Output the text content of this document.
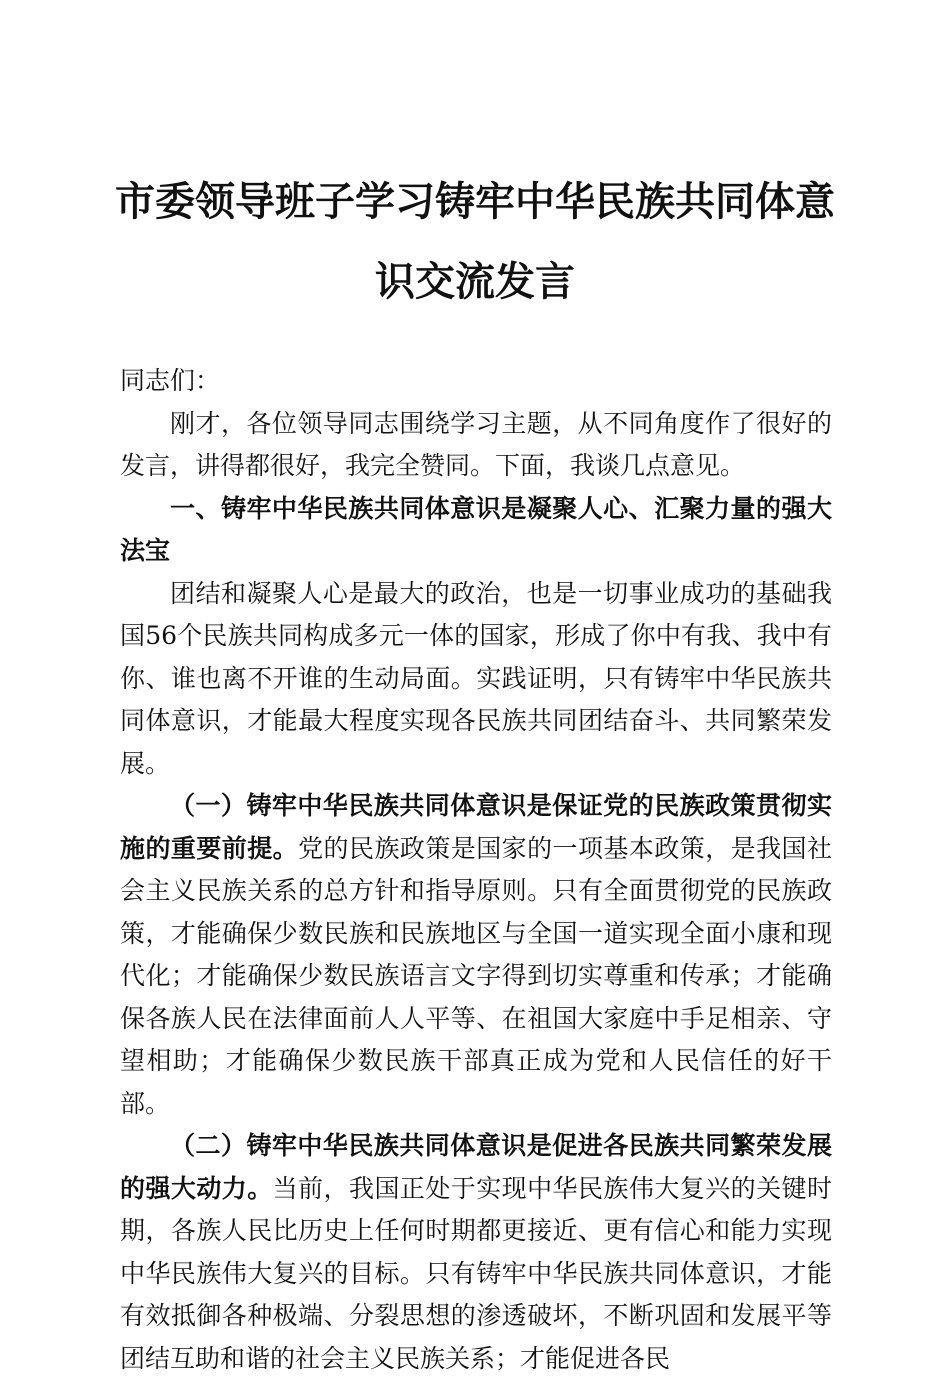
市委领导班子学习铸牢中华民族共同体意识交流发言

同志们：

刚才，各位领导同志围绕学习主题，从不同角度作了很好的发言，讲得都很好，我完全赞同。下面，我谈几点意见。

一、铸牢中华民族共同体意识是凝聚人心、汇聚力量的强大法宝

团结和凝聚人心是最大的政治，也是一切事业成功的基础我国56个民族共同构成多元一体的国家，形成了你中有我、我中有你、谁也离不开谁的生动局面。实践证明，只有铸牢中华民族共同体意识，才能最大程度实现各民族共同团结奋斗、共同繁荣发展。

（一）铸牢中华民族共同体意识是保证党的民族政策贯彻实施的重要前提。党的民族政策是国家的一项基本政策，是我国社会主义民族关系的总方针和指导原则。只有全面贯彻党的民族政策，才能确保少数民族和民族地区与全国一道实现全面小康和现代化；才能确保少数民族语言文字得到切实尊重和传承；才能确保各族人民在法律面前人人平等、在祖国大家庭中手足相亲、守望相助；才能确保少数民族干部真正成为党和人民信任的好干部。

（二）铸牢中华民族共同体意识是促进各民族共同繁荣发展的强大动力。当前，我国正处于实现中华民族伟大复兴的关键时期，各族人民比历史上任何时期都更接近、更有信心和能力实现中华民族伟大复兴的目标。只有铸牢中华民族共同体意识，才能有效抵御各种极端、分裂思想的渗透破坏，不断巩固和发展平等团结互助和谐的社会主义民族关系；才能促进各民
